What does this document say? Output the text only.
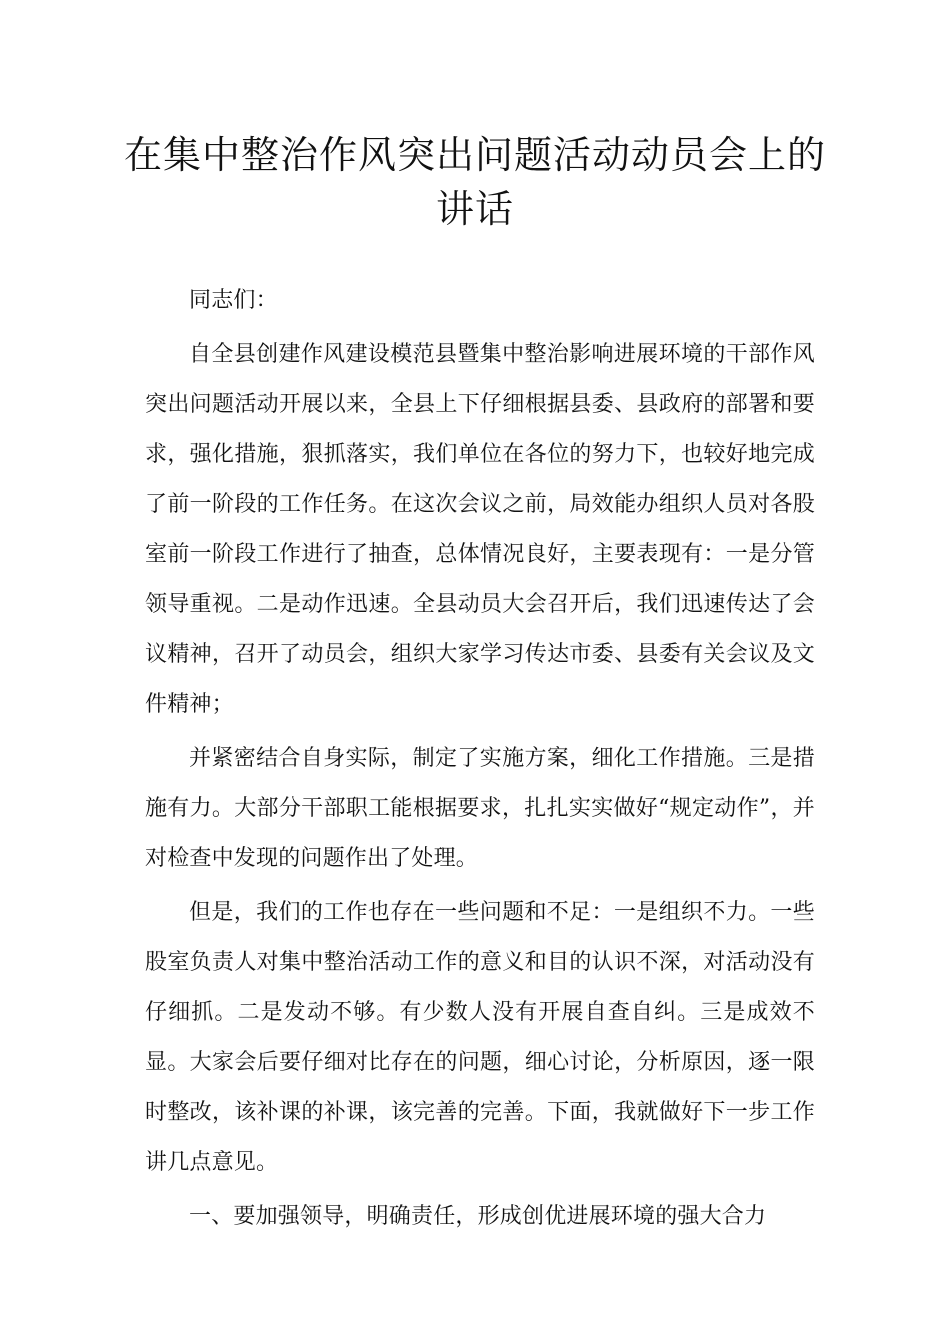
在集中整治作风突出问题活动动员会上的讲话

同志们：

自全县创建作风建设模范县暨集中整治影响进展环境的干部作风突出问题活动开展以来，全县上下仔细根据县委、县政府的部署和要求，强化措施，狠抓落实，我们单位在各位的努力下，也较好地完成了前一阶段的工作任务。在这次会议之前，局效能办组织人员对各股室前一阶段工作进行了抽查，总体情况良好，主要表现有：一是分管领导重视。二是动作迅速。全县动员大会召开后，我们迅速传达了会议精神，召开了动员会，组织大家学习传达市委、县委有关会议及文件精神；

并紧密结合自身实际，制定了实施方案，细化工作措施。三是措施有力。大部分干部职工能根据要求，扎扎实实做好“规定动作”，并对检查中发现的问题作出了处理。

但是，我们的工作也存在一些问题和不足：一是组织不力。一些股室负责人对集中整治活动工作的意义和目的认识不深，对活动没有仔细抓。二是发动不够。有少数人没有开展自查自纠。三是成效不显。大家会后要仔细对比存在的问题，细心讨论，分析原因，逐一限时整改，该补课的补课，该完善的完善。下面，我就做好下一步工作讲几点意见。

一、要加强领导，明确责任，形成创优进展环境的强大合力
